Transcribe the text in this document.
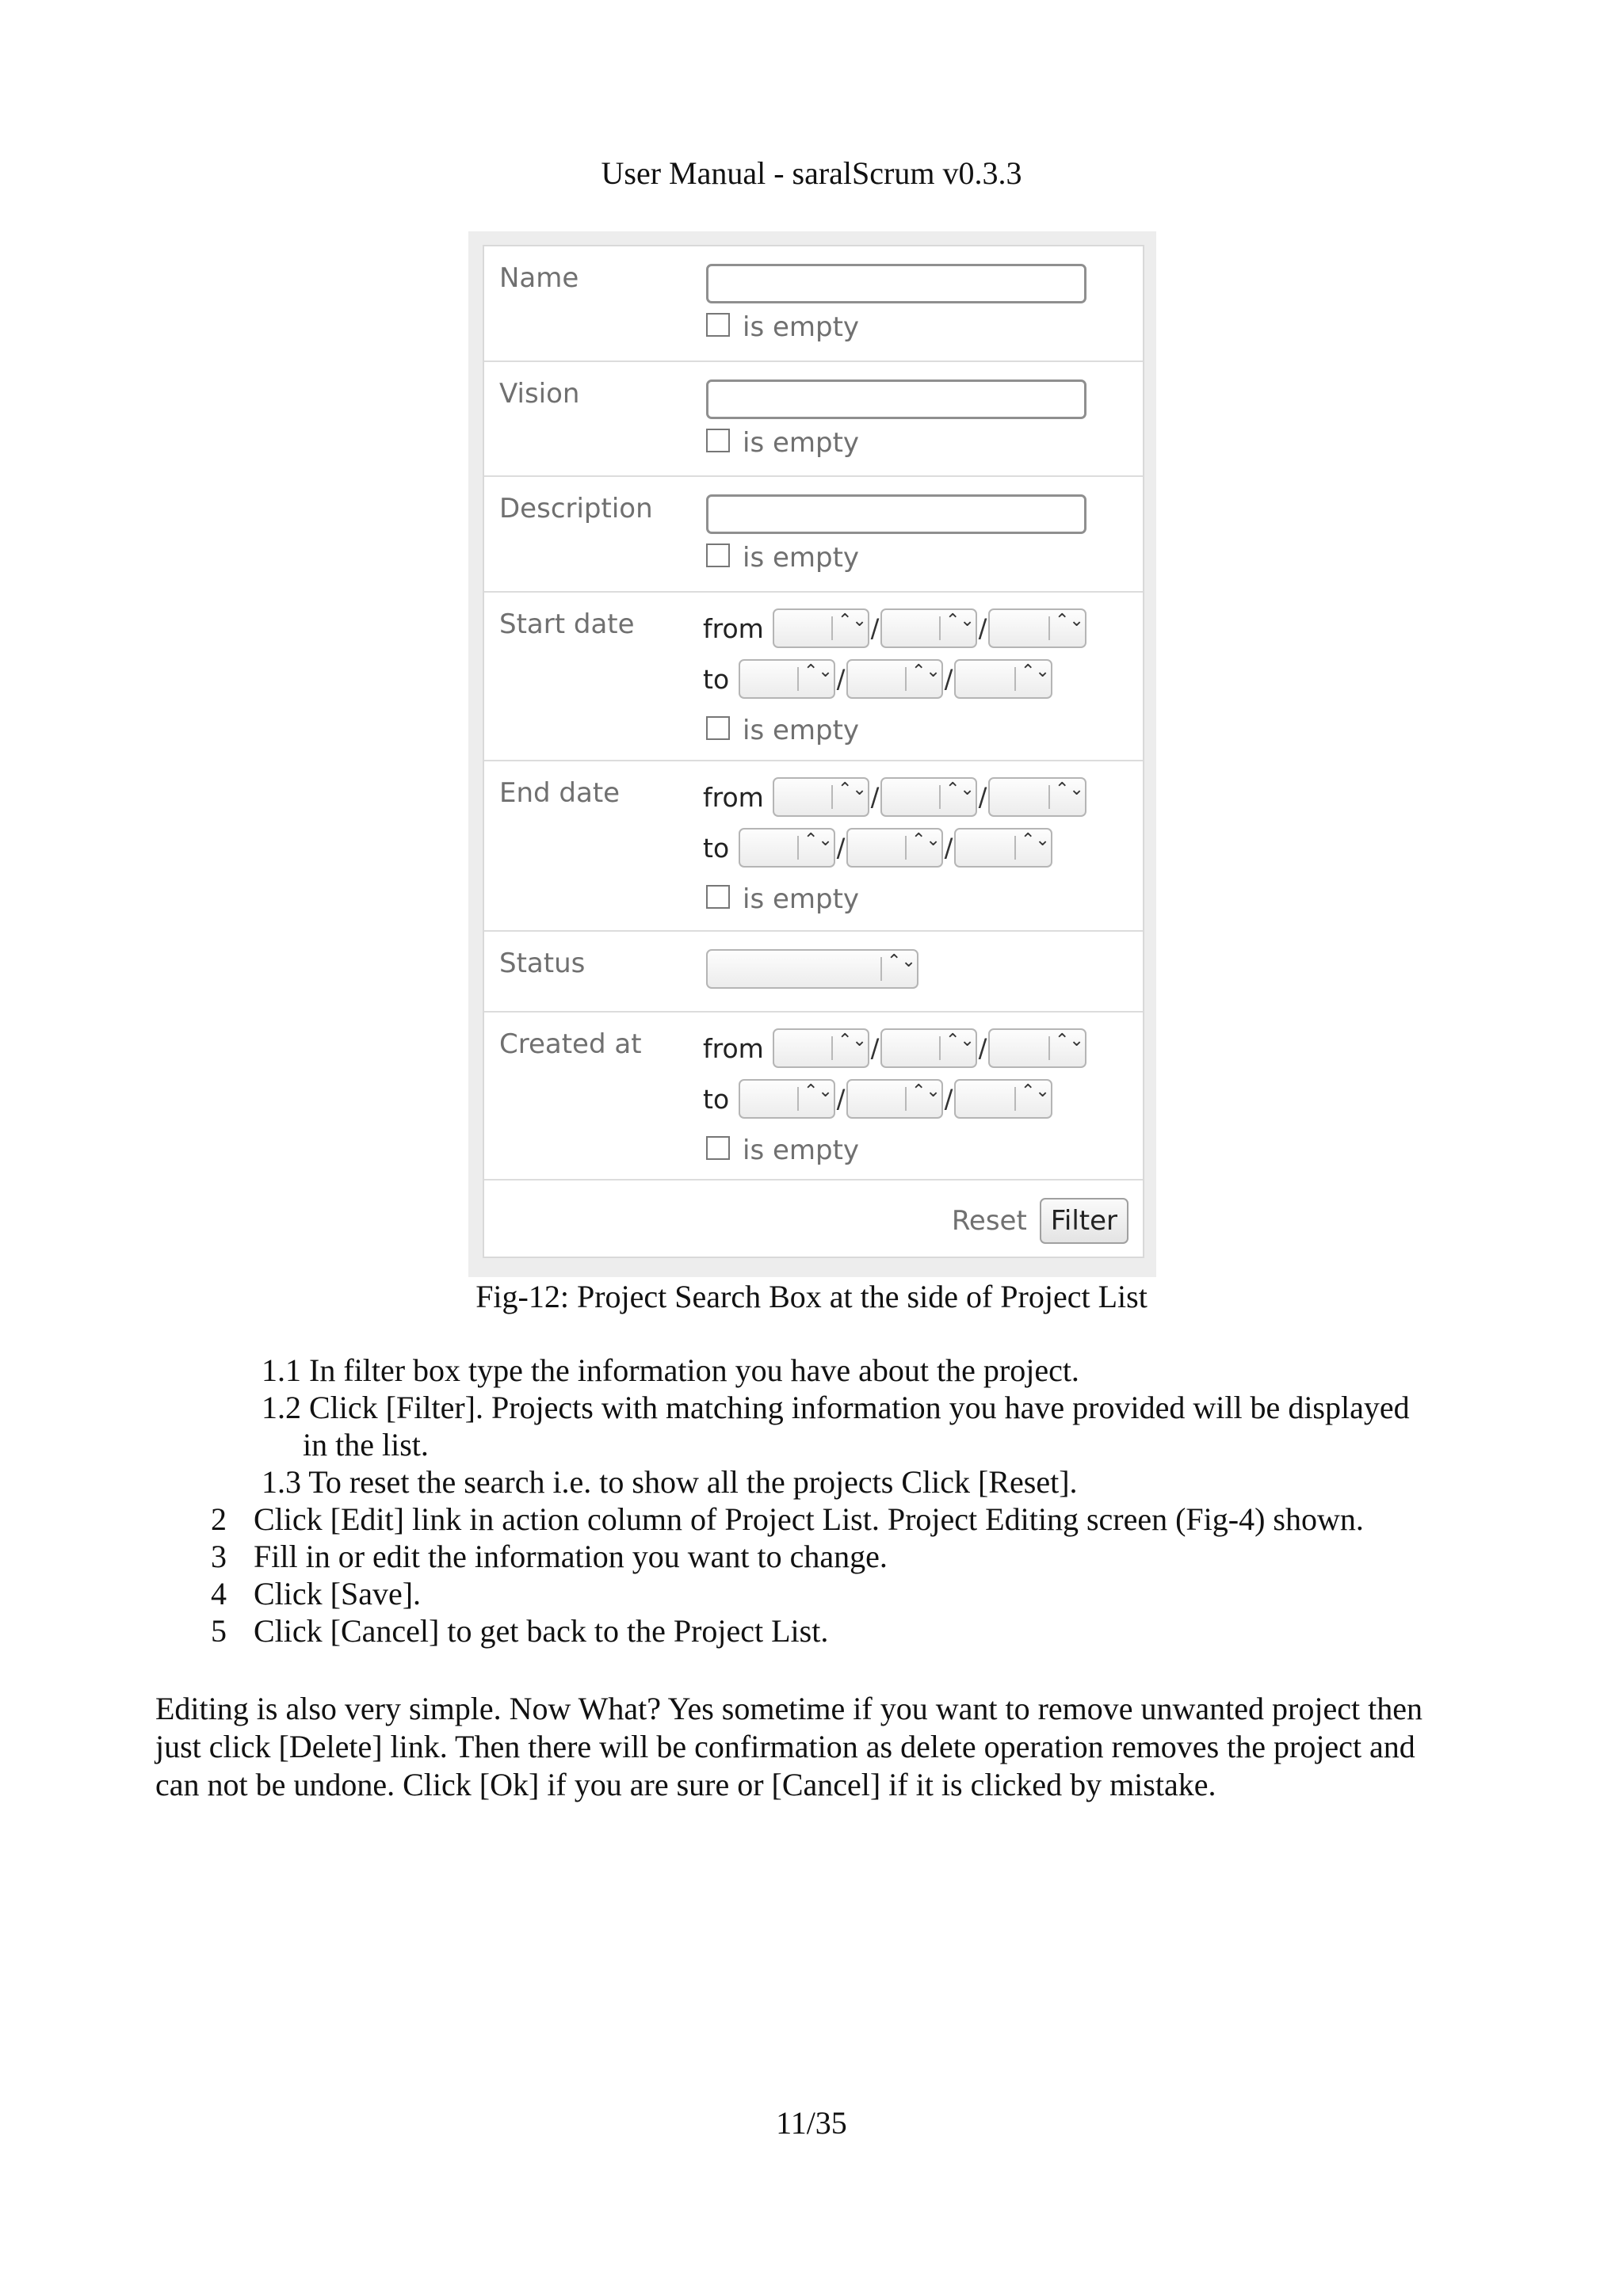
User Manual - saralScrum v0.3.3
Name
is empty
Vision
is empty
Description
is empty
Start date	from	⌃⌄ /	⌃⌄ /	⌃⌄
to	⌃⌄ /	⌃⌄ /	⌃⌄
is empty
End date	from	⌃⌄ /	⌃⌄ /	⌃⌄
to	⌃⌄ /	⌃⌄ /	⌃⌄
is empty
Status	⌃⌄
Created at from	⌃⌄ /	⌃⌄ /	⌃⌄
to	⌃⌄ /	⌃⌄ /	⌃⌄
is empty
Reset Filter
Fig-12: Project Search Box at the side of Project List
1.1 In filter box type the information you have about the project.
1.2 Click [Filter]. Projects with matching information you have provided will be displayed
in the list.
1.3 To reset the search i.e. to show all the projects Click [Reset].
2 Click [Edit] link in action column of Project List. Project Editing screen (Fig-4) shown.
3 Fill in or edit the information you want to change.
4 Click [Save].
5 Click [Cancel] to get back to the Project List.
Editing is also very simple. Now What? Yes sometime if you want to remove unwanted project then
just click [Delete] link. Then there will be confirmation as delete operation removes the project and
can not be undone. Click [Ok] if you are sure or [Cancel] if it is clicked by mistake.
11/35
